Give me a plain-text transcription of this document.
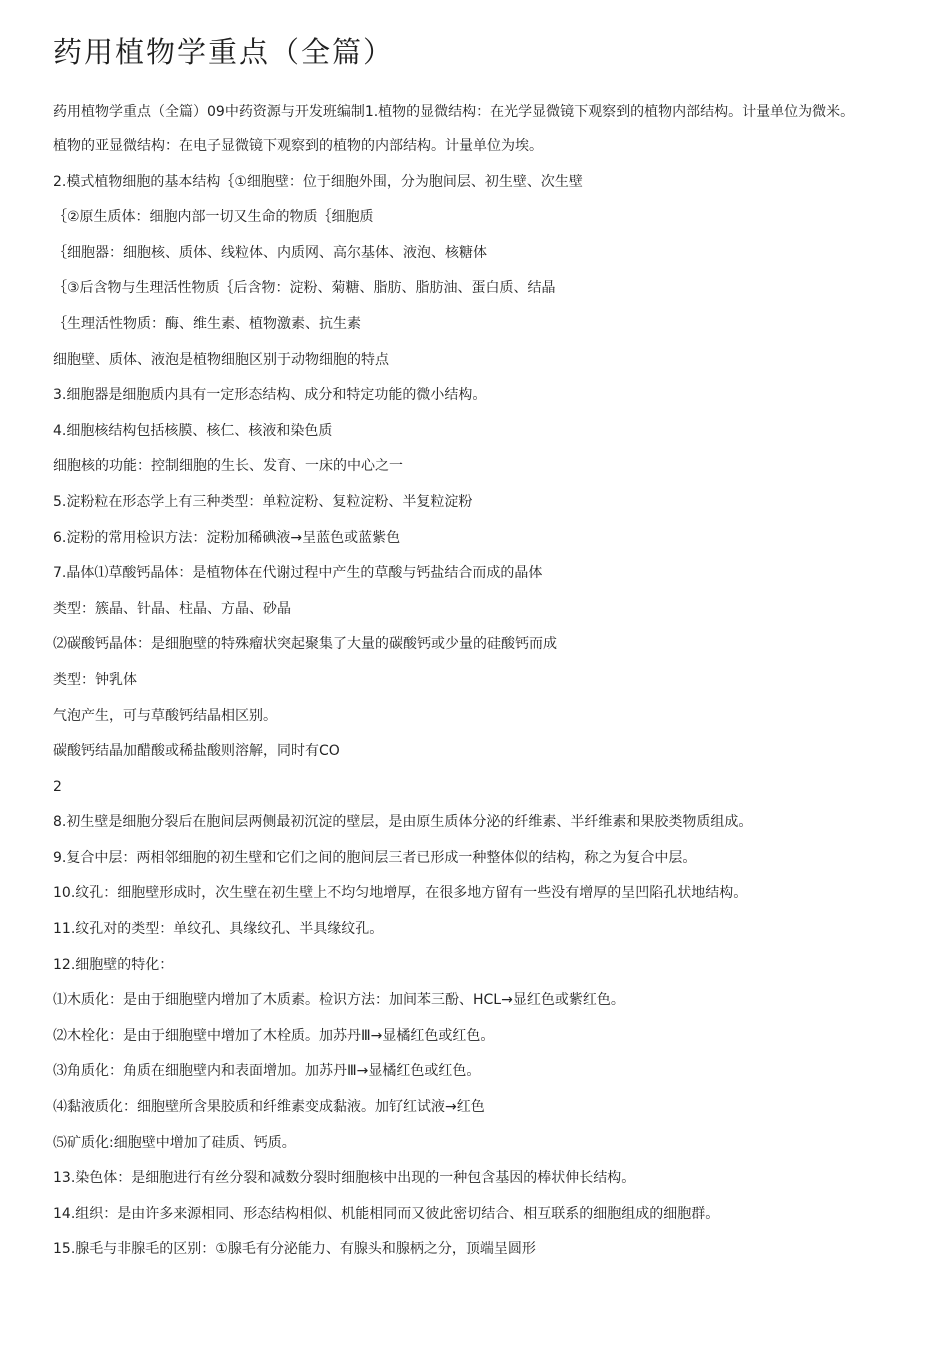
药用植物学重点（全篇）

药用植物学重点（全篇）09中药资源与开发班编制1.植物的显微结构：在光学显微镜下观察到的植物内部结构。计量单位为微米。

植物的亚显微结构：在电子显微镜下观察到的植物的内部结构。计量单位为埃。

2.模式植物细胞的基本结构｛①细胞壁：位于细胞外围，分为胞间层、初生壁、次生壁

｛②原生质体：细胞内部一切又生命的物质｛细胞质

｛细胞器：细胞核、质体、线粒体、内质网、高尔基体、液泡、核糖体

｛③后含物与生理活性物质｛后含物：淀粉、菊糖、脂肪、脂肪油、蛋白质、结晶

｛生理活性物质：酶、维生素、植物激素、抗生素

细胞壁、质体、液泡是植物细胞区别于动物细胞的特点

3.细胞器是细胞质内具有一定形态结构、成分和特定功能的微小结构。

4.细胞核结构包括核膜、核仁、核液和染色质

细胞核的功能：控制细胞的生长、发育、一床的中心之一

5.淀粉粒在形态学上有三种类型：单粒淀粉、复粒淀粉、半复粒淀粉

6.淀粉的常用检识方法：淀粉加稀碘液→呈蓝色或蓝紫色

7.晶体⑴草酸钙晶体：是植物体在代谢过程中产生的草酸与钙盐结合而成的晶体

类型：簇晶、针晶、柱晶、方晶、砂晶

⑵碳酸钙晶体：是细胞壁的特殊瘤状突起聚集了大量的碳酸钙或少量的硅酸钙而成

类型：钟乳体

气泡产生，可与草酸钙结晶相区别。

碳酸钙结晶加醋酸或稀盐酸则溶解，同时有CO

2

8.初生壁是细胞分裂后在胞间层两侧最初沉淀的壁层，是由原生质体分泌的纤维素、半纤维素和果胶类物质组成。

9.复合中层：两相邻细胞的初生壁和它们之间的胞间层三者已形成一种整体似的结构，称之为复合中层。

10.纹孔：细胞壁形成时，次生壁在初生壁上不均匀地增厚，在很多地方留有一些没有增厚的呈凹陷孔状地结构。

11.纹孔对的类型：单纹孔、具缘纹孔、半具缘纹孔。

12.细胞壁的特化：

⑴木质化：是由于细胞壁内增加了木质素。检识方法：加间苯三酚、HCL→显红色或紫红色。

⑵木栓化：是由于细胞壁中增加了木栓质。加苏丹Ⅲ→显橘红色或红色。

⑶角质化：角质在细胞壁内和表面增加。加苏丹Ⅲ→显橘红色或红色。

⑷黏液质化：细胞壁所含果胶质和纤维素变成黏液。加钌红试液→红色

⑸矿质化:细胞壁中增加了硅质、钙质。

13.染色体：是细胞进行有丝分裂和减数分裂时细胞核中出现的一种包含基因的棒状伸长结构。

14.组织：是由许多来源相同、形态结构相似、机能相同而又彼此密切结合、相互联系的细胞组成的细胞群。

15.腺毛与非腺毛的区别：①腺毛有分泌能力、有腺头和腺柄之分，顶端呈圆形
